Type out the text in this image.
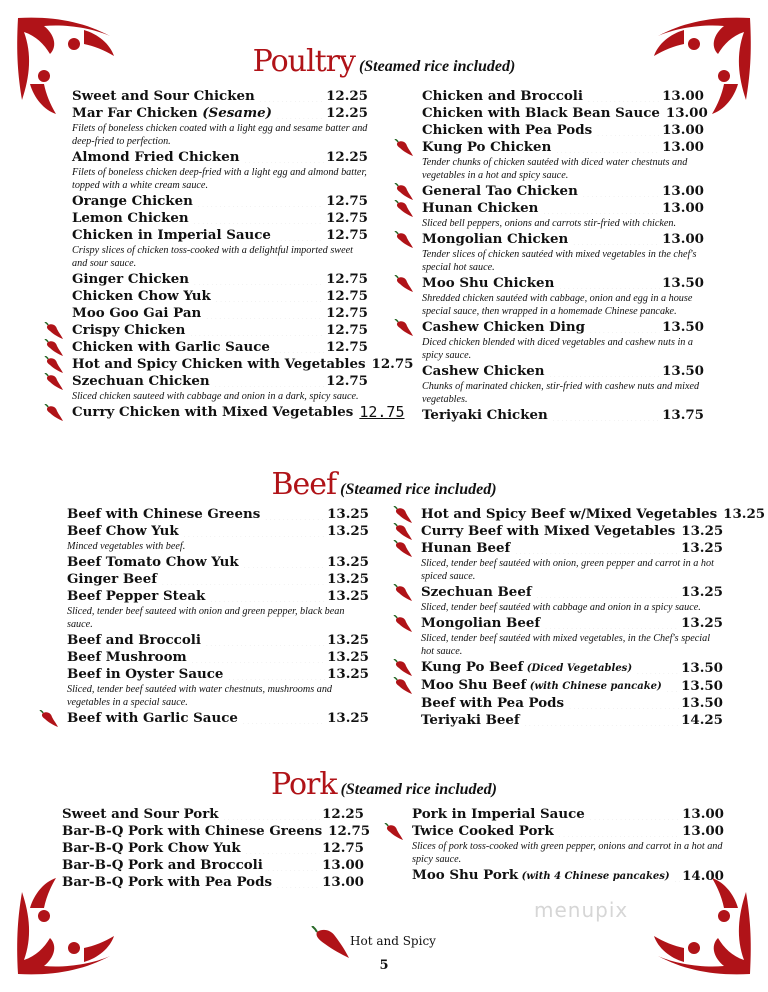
Poultry (Steamed rice included)
Beef (Steamed rice included)
Pork (Steamed rice included)
Sweet and Sour Chicken .....	12.25
Mar Far Chicken (Sesame) .....	12.25
Filets of boneless chicken coated with a light egg and sesame batter and deep-fried to perfection.
Almond Fried Chicken .....	12.25
Filets of boneless chicken deep-fried with a light egg and almond batter, topped with a white cream sauce.
Orange Chicken .....	12.75
Lemon Chicken .....	12.75
Chicken in Imperial Sauce .....	12.75
Crispy slices of chicken toss-cooked with a delightful imported sweet and sour sauce.
Ginger Chicken .....	12.75
Chicken Chow Yuk .....	12.75
Moo Goo Gai Pan .....	12.75
Crispy Chicken .....	12.75
Chicken with Garlic Sauce .....	12.75
Hot and Spicy Chicken with Vegetables 12.75
Szechuan Chicken .....	12.75
Sliced chicken sauteed with cabbage and onion in a dark, spicy sauce.
Curry Chicken with Mixed Vegetables 12.75
Chicken and Broccoli .....	13.00
Chicken with Black Bean Sauce 13.00
Chicken with Pea Pods .....	13.00
Kung Po Chicken .....	13.00
Tender chunks of chicken sautéed with diced water chestnuts and vegetables in a hot and spicy sauce.
General Tao Chicken .....	13.00
Hunan Chicken .....	13.00
Sliced bell peppers, onions and carrots stir-fried with chicken.
Mongolian Chicken .....	13.00
Tender slices of chicken sautéed with mixed vegetables in the chef's special hot sauce.
Moo Shu Chicken .....	13.50
Shredded chicken sautéed with cabbage, onion and egg in a house special sauce, then wrapped in a homemade Chinese pancake.
Cashew Chicken Ding .....	13.50
Diced chicken blended with diced vegetables and cashew nuts in a spicy sauce.
Cashew Chicken .....	13.50
Chunks of marinated chicken, stir-fried with cashew nuts and mixed vegetables.
Teriyaki Chicken .....	13.75
Beef with Chinese Greens .....	13.25
Beef Chow Yuk .....	13.25
Minced vegetables with beef.
Beef Tomato Chow Yuk .....	13.25
Ginger Beef .....	13.25
Beef Pepper Steak .....	13.25
Sliced, tender beef sauteed with onion and green pepper, black bean sauce.
Beef and Broccoli .....	13.25
Beef Mushroom .....	13.25
Beef in Oyster Sauce .....	13.25
Sliced, tender beef sautéed with water chestnuts, mushrooms and vegetables in a special sauce.
Beef with Garlic Sauce .....	13.25
Hot and Spicy Beef w/Mixed Vegetables 13.25
Curry Beef with Mixed Vegetables 13.25
Hunan Beef .....	13.25
Sliced, tender beef sautéed with onion, green pepper and carrot in a hot spiced sauce.
Szechuan Beef .....	13.25
Sliced, tender beef sautéed with cabbage and onion in a spicy sauce.
Mongolian Beef .....	13.25
Sliced, tender beef sautéed with mixed vegetables, in the Chef's special hot sauce.
Kung Po Beef (Diced Vegetables) .....	13.50
Moo Shu Beef (with Chinese pancake) ..... 13.50
Beef with Pea Pods .....	13.50
Teriyaki Beef .....	14.25
Sweet and Sour Pork .....	12.25
Bar-B-Q Pork with Chinese Greens 12.75
Bar-B-Q Pork Chow Yuk .....	12.75
Bar-B-Q Pork and Broccoli .....	13.00
Bar-B-Q Pork with Pea Pods .....	13.00
Pork in Imperial Sauce .....	13.00
Twice Cooked Pork .....	13.00
Slices of pork toss-cooked with green pepper, onions and carrot in a hot and spicy sauce.
Moo Shu Pork (with 4 Chinese pancakes) ..... 14.00
Hot and Spicy
5
menupix
